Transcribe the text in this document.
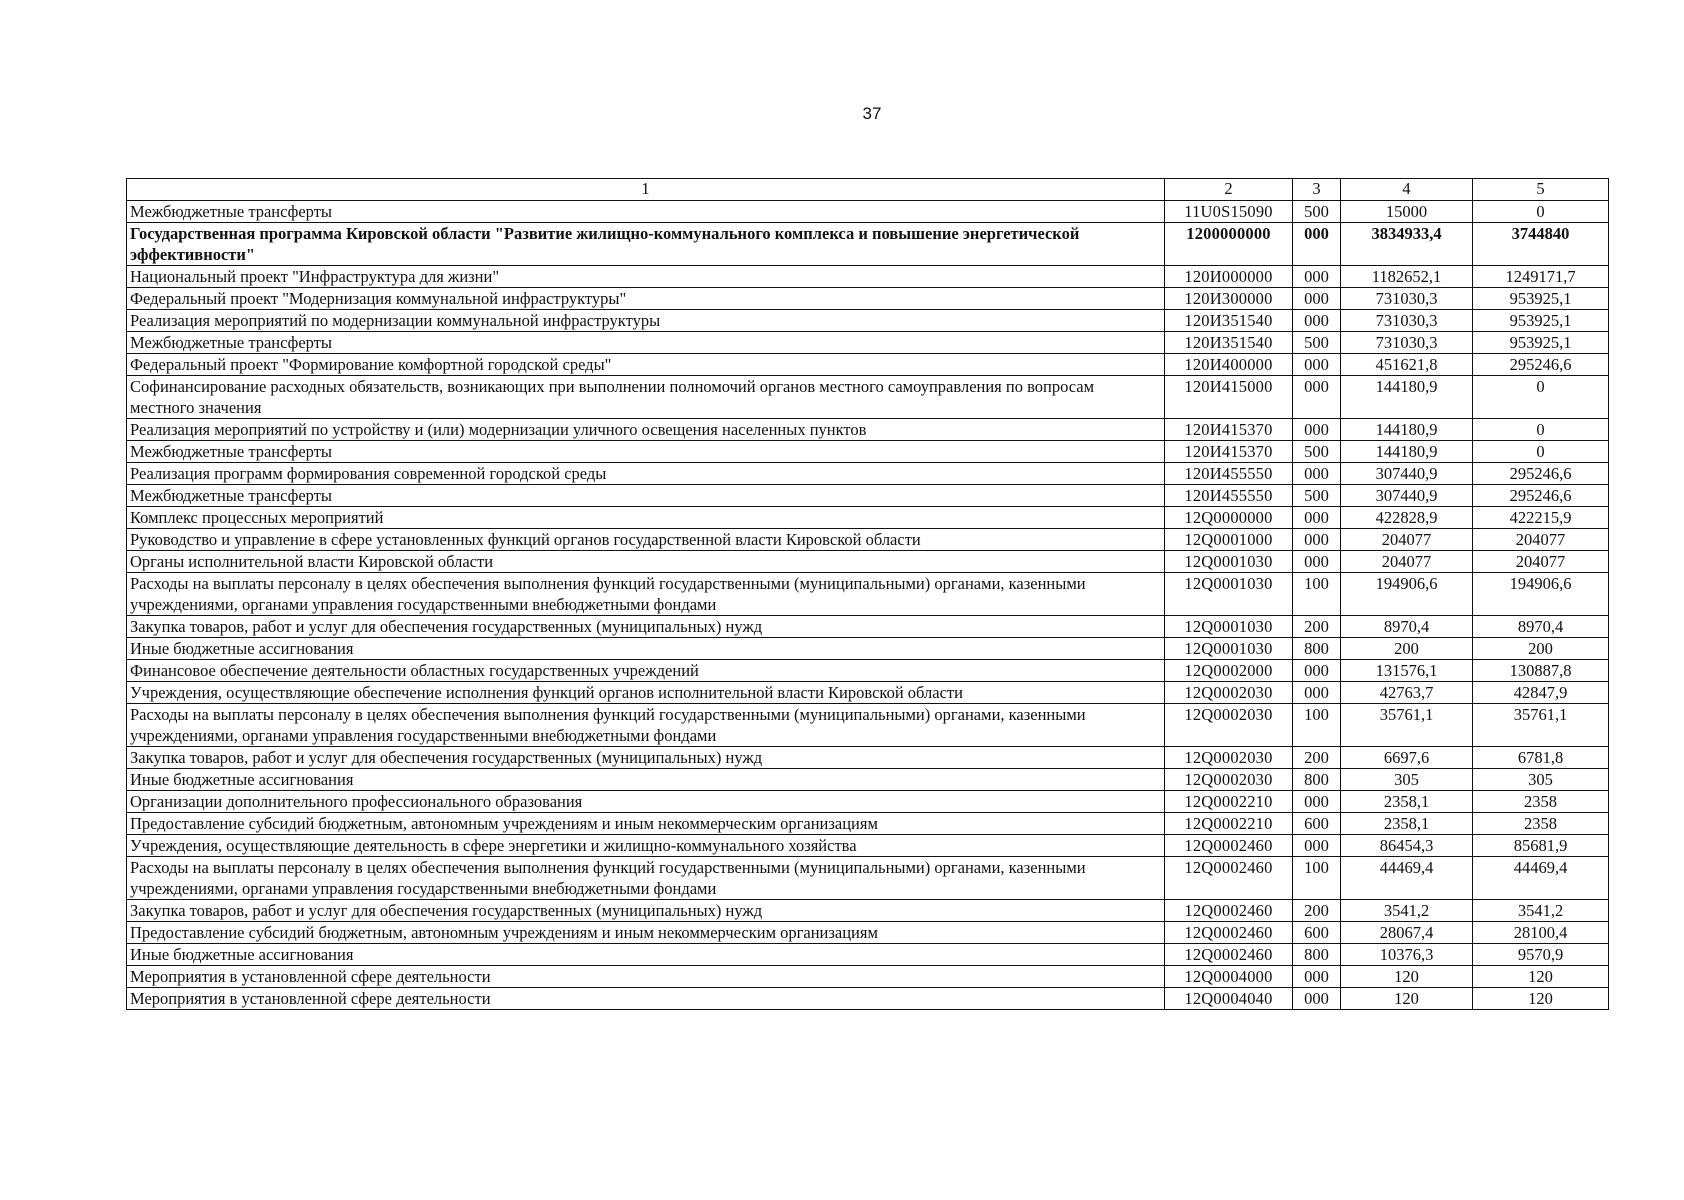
37
1	2	3	4	5
Межбюджетные трансферты	11U0S15090	500	15000	0
Государственная программа Кировской области "Развитие жилищно-коммунального комплекса и повышение энергетической эффективности"	1200000000	000	3834933,4	3744840
Национальный проект "Инфраструктура для жизни"	120И000000	000	1182652,1	1249171,7
Федеральный проект "Модернизация коммунальной инфраструктуры"	120И300000	000	731030,3	953925,1
Реализация мероприятий по модернизации коммунальной инфраструктуры	120И351540	000	731030,3	953925,1
Межбюджетные трансферты	120И351540	500	731030,3	953925,1
Федеральный проект "Формирование комфортной городской среды"	120И400000	000	451621,8	295246,6
Софинансирование расходных обязательств, возникающих при выполнении полномочий органов местного самоуправления по вопросам местного значения	120И415000	000	144180,9	0
Реализация мероприятий по устройству и (или) модернизации уличного освещения населенных пунктов	120И415370	000	144180,9	0
Межбюджетные трансферты	120И415370	500	144180,9	0
Реализация программ формирования современной городской среды	120И455550	000	307440,9	295246,6
Межбюджетные трансферты	120И455550	500	307440,9	295246,6
Комплекс процессных мероприятий	12Q0000000	000	422828,9	422215,9
Руководство и управление в сфере установленных функций органов государственной власти Кировской области	12Q0001000	000	204077	204077
Органы исполнительной власти Кировской области	12Q0001030	000	204077	204077
Расходы на выплаты персоналу в целях обеспечения выполнения функций государственными (муниципальными) органами, казенными учреждениями, органами управления государственными внебюджетными фондами	12Q0001030	100	194906,6	194906,6
Закупка товаров, работ и услуг для обеспечения государственных (муниципальных) нужд	12Q0001030	200	8970,4	8970,4
Иные бюджетные ассигнования	12Q0001030	800	200	200
Финансовое обеспечение деятельности областных государственных учреждений	12Q0002000	000	131576,1	130887,8
Учреждения, осуществляющие обеспечение исполнения функций органов исполнительной власти Кировской области	12Q0002030	000	42763,7	42847,9
Расходы на выплаты персоналу в целях обеспечения выполнения функций государственными (муниципальными) органами, казенными учреждениями, органами управления государственными внебюджетными фондами	12Q0002030	100	35761,1	35761,1
Закупка товаров, работ и услуг для обеспечения государственных (муниципальных) нужд	12Q0002030	200	6697,6	6781,8
Иные бюджетные ассигнования	12Q0002030	800	305	305
Организации дополнительного профессионального образования	12Q0002210	000	2358,1	2358
Предоставление субсидий бюджетным, автономным учреждениям и иным некоммерческим организациям	12Q0002210	600	2358,1	2358
Учреждения, осуществляющие деятельность в сфере энергетики и жилищно-коммунального хозяйства	12Q0002460	000	86454,3	85681,9
Расходы на выплаты персоналу в целях обеспечения выполнения функций государственными (муниципальными) органами, казенными учреждениями, органами управления государственными внебюджетными фондами	12Q0002460	100	44469,4	44469,4
Закупка товаров, работ и услуг для обеспечения государственных (муниципальных) нужд	12Q0002460	200	3541,2	3541,2
Предоставление субсидий бюджетным, автономным учреждениям и иным некоммерческим организациям	12Q0002460	600	28067,4	28100,4
Иные бюджетные ассигнования	12Q0002460	800	10376,3	9570,9
Мероприятия в установленной сфере деятельности	12Q0004000	000	120	120
Мероприятия в установленной сфере деятельности	12Q0004040	000	120	120
